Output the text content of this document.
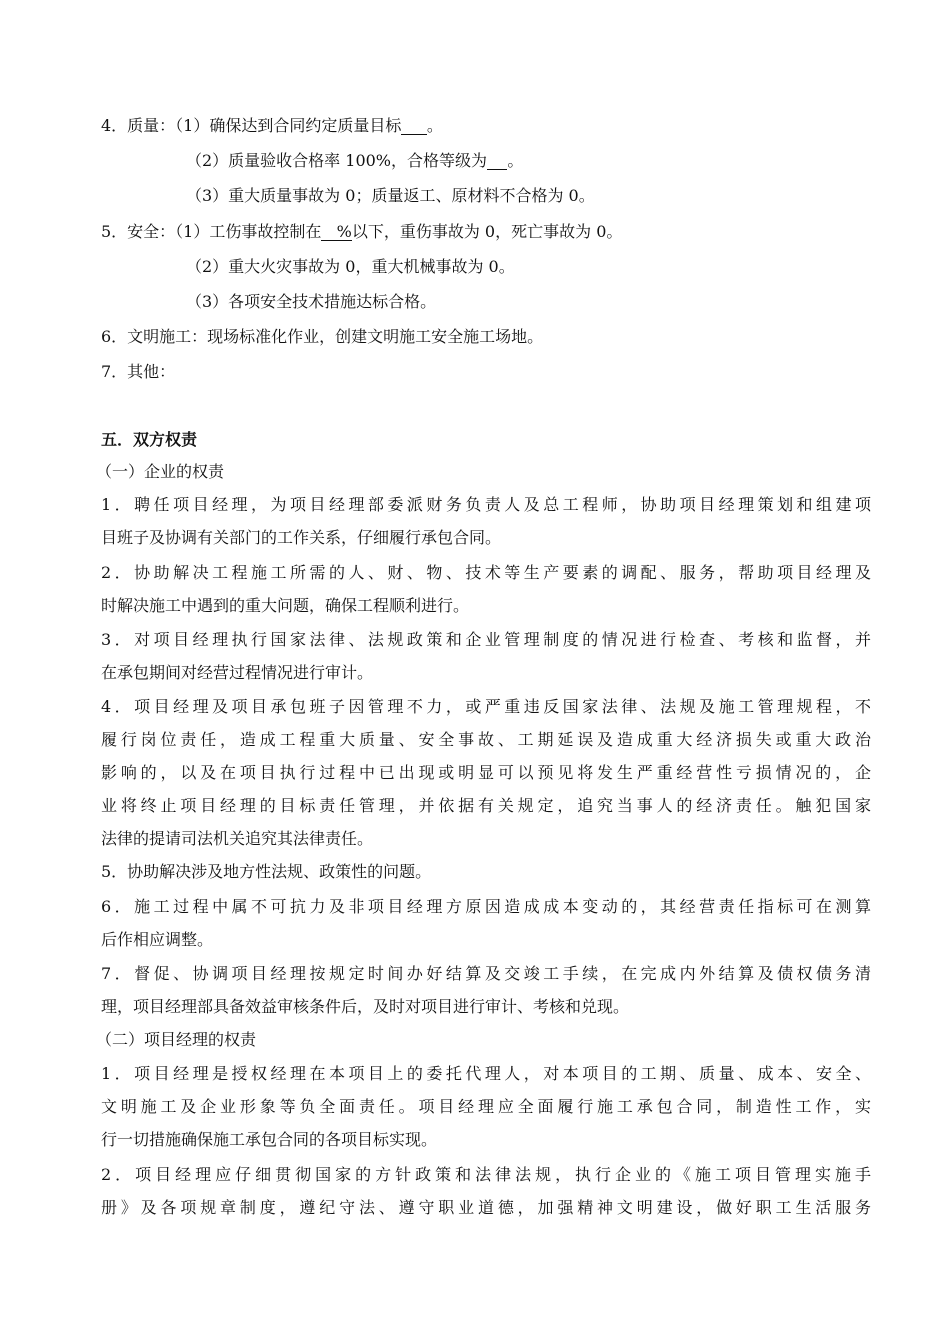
4．质量：（1）确保达到合同约定质量目标 。
（2）质量验收合格率 100%，合格等级为 。
（3）重大质量事故为 0；质量返工、原材料不合格为 0。
5．安全：（1）工伤事故控制在   %以下，重伤事故为 0，死亡事故为 0。
（2）重大火灾事故为 0，重大机械事故为 0。
（3）各项安全技术措施达标合格。
6．文明施工：现场标准化作业，创建文明施工安全施工场地。
7．其他：
五．双方权责
（一）企业的权责
1．聘任项目经理，为项目经理部委派财务负责人及总工程师，协助项目经理策划和组建项
目班子及协调有关部门的工作关系，仔细履行承包合同。
2．协助解决工程施工所需的人、财、物、技术等生产要素的调配、服务，帮助项目经理及
时解决施工中遇到的重大问题，确保工程顺利进行。
3．对项目经理执行国家法律、法规政策和企业管理制度的情况进行检查、考核和监督，并
在承包期间对经营过程情况进行审计。
4．项目经理及项目承包班子因管理不力，或严重违反国家法律、法规及施工管理规程，不
履行岗位责任，造成工程重大质量、安全事故、工期延误及造成重大经济损失或重大政治
影响的，以及在项目执行过程中已出现或明显可以预见将发生严重经营性亏损情况的，企
业将终止项目经理的目标责任管理，并依据有关规定，追究当事人的经济责任。触犯国家
法律的提请司法机关追究其法律责任。
5．协助解决涉及地方性法规、政策性的问题。
6．施工过程中属不可抗力及非项目经理方原因造成成本变动的，其经营责任指标可在测算
后作相应调整。
7．督促、协调项目经理按规定时间办好结算及交竣工手续，在完成内外结算及债权债务清
理，项目经理部具备效益审核条件后，及时对项目进行审计、考核和兑现。
（二）项目经理的权责
1．项目经理是授权经理在本项目上的委托代理人，对本项目的工期、质量、成本、安全、
文明施工及企业形象等负全面责任。项目经理应全面履行施工承包合同，制造性工作，实
行一切措施确保施工承包合同的各项目标实现。
2．项目经理应仔细贯彻国家的方针政策和法律法规，执行企业的《施工项目管理实施手
册》及各项规章制度，遵纪守法、遵守职业道德，加强精神文明建设，做好职工生活服务
